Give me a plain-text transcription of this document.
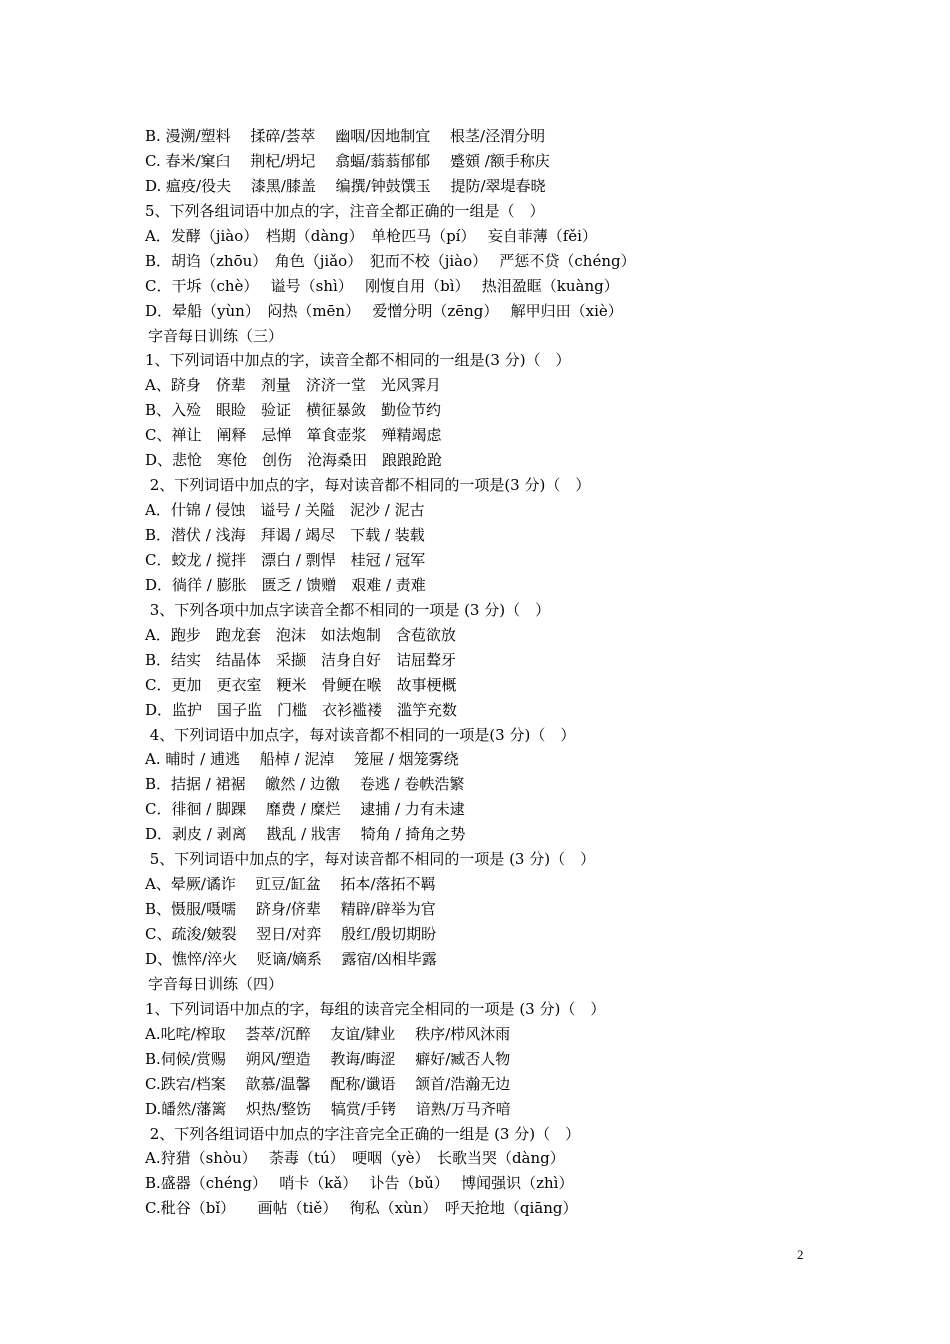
B. 漫溯/塑料　 揉碎/荟萃 　幽咽/因地制宜　 根茎/泾渭分明
C. 春米/窠臼　 荆杞/坍圮 　翕蝠/蓊蓊郁郁　 蹙頞 /额手称庆
D. 瘟疫/役夫　 漆黑/膝盖 　编撰/钟鼓馔玉　 提防/翠堤春晓
5、下列各组词语中加点的字，注音全都正确的一组是（　）
A．发酵（jiào）　档期（dàng）　单枪匹马（pí）　 妄自菲薄（fěi）
B．胡诌（zhōu）　角色（jiǎo）　犯而不校（jiào）　 严惩不贷（chéng）
C．干坼（chè）　 谥号（shì）　 刚愎自用（bì）　 热泪盈眶（kuàng）
D．晕船（yùn）　闷热（mēn）　 爱憎分明（zēng）　 解甲归田（xiè）
字音每日训练（三）
1、下列词语中加点的字，读音全都不相同的一组是(3 分)（　）
A、跻身　侪辈　剂量　济济一堂　光风霁月
B、入殓　眼睑　验证　横征暴敛　勤俭节约
C、禅让　阐释　忌惮　箪食壶浆　殚精竭虑
D、悲怆　寒伧　创伤　沧海桑田　踉踉跄跄
2、下列词语中加点的字，每对读音都不相同的一项是(3 分)（　）
A．什锦 / 侵蚀　谥号 / 关隘　泥沙 / 泥古
B．潜伏 / 浅海　拜谒 / 竭尽　下载 / 装载
C．蛟龙 / 搅拌　漂白 / 剽悍　桂冠 / 冠军
D．徜徉 / 膨胀　匮乏 / 馈赠　艰难 / 责难
3、下列各项中加点字读音全都不相同的一项是 (3 分)（　）
A．跑步　跑龙套　泡沫　如法炮制　含苞欲放
B．结实　结晶体　采撷　洁身自好　诘屈聱牙
C．更加　更衣室　粳米　骨鲠在喉　故事梗概
D．监护　国子监　门槛　衣衫褴褛　滥竽充数
4、下列词语中加点字，每对读音都不相同的一项是(3 分)（　）
A. 晡时 / 逋逃　 船棹 / 泥淖　 笼屉 / 烟笼雾绕
B．拮据 / 裙裾　 皦然 / 边徼　 卷逃 / 卷帙浩繁
C．徘徊 / 脚踝　 靡费 / 糜烂　 逮捕 / 力有未逮
D．剥皮 / 剥离　 戡乱 / 戕害　 犄角 / 掎角之势
5、下列词语中加点的字，每对读音都不相同的一项是 (3 分)（　）
A、晕厥/谲诈　 豇豆/缸盆　 拓本/落拓不羁
B、慑服/嗫嚅　 跻身/侪辈　 精辟/辟举为官
C、疏浚/皴裂　 翌日/对弈　 殷红/殷切期盼
D、憔悴/淬火　 贬谪/嫡系　 露宿/凶相毕露
字音每日训练（四）
1、下列词语中加点的字，每组的读音完全相同的一项是 (3 分)（　）
A.叱咤/榨取　 荟萃/沉醉　 友谊/肄业　 秩序/栉风沐雨
B.伺候/赏赐　 朔风/塑造　 教诲/晦涩　 癖好/臧否人物
C.跌宕/档案　 歆慕/温馨　 配称/谶语　 颔首/浩瀚无边
D.皤然/藩篱　 炽热/整饬　 犒赏/手铐　 谙熟/万马齐喑
2、下列各组词语中加点的字注音完全正确的一组是 (3 分)（　）
A.狩猎（shòu）　 荼毒（tú）　哽咽（yè）　长歌当哭（dàng）
B.盛器（chéng）　 哨卡（kǎ）　 讣告（bǔ）　 博闻强识（zhì）
C.秕谷（bǐ）　　画帖（tiě）　 徇私（xùn）　呼天抢地（qiāng）
2
